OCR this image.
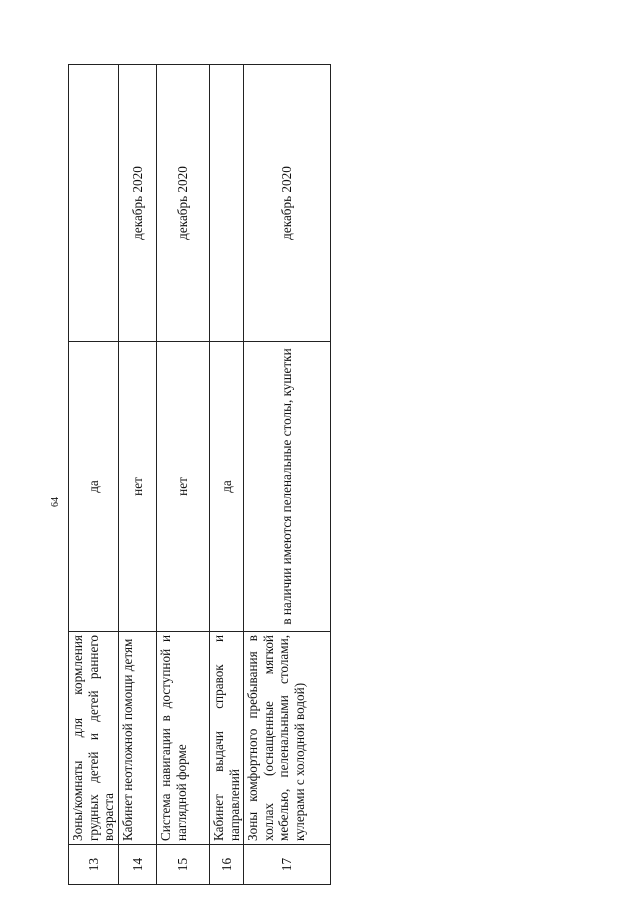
64
13	Зоны/комнаты для кормления грудных детей и детей раннего возраста	да	
14	Кабинет неотложной помощи детям	нет	декабрь 2020
15	Система навигации в доступной и наглядной форме	нет	декабрь 2020
16	Кабинет выдачи справок и направлений	да	
17	Зоны комфортного пребывания в холлах (оснащенные мягкой мебелью, пеленальными столами, кулерами с холодной водой)	в наличии имеются пеленальные столы, кушетки	декабрь 2020
